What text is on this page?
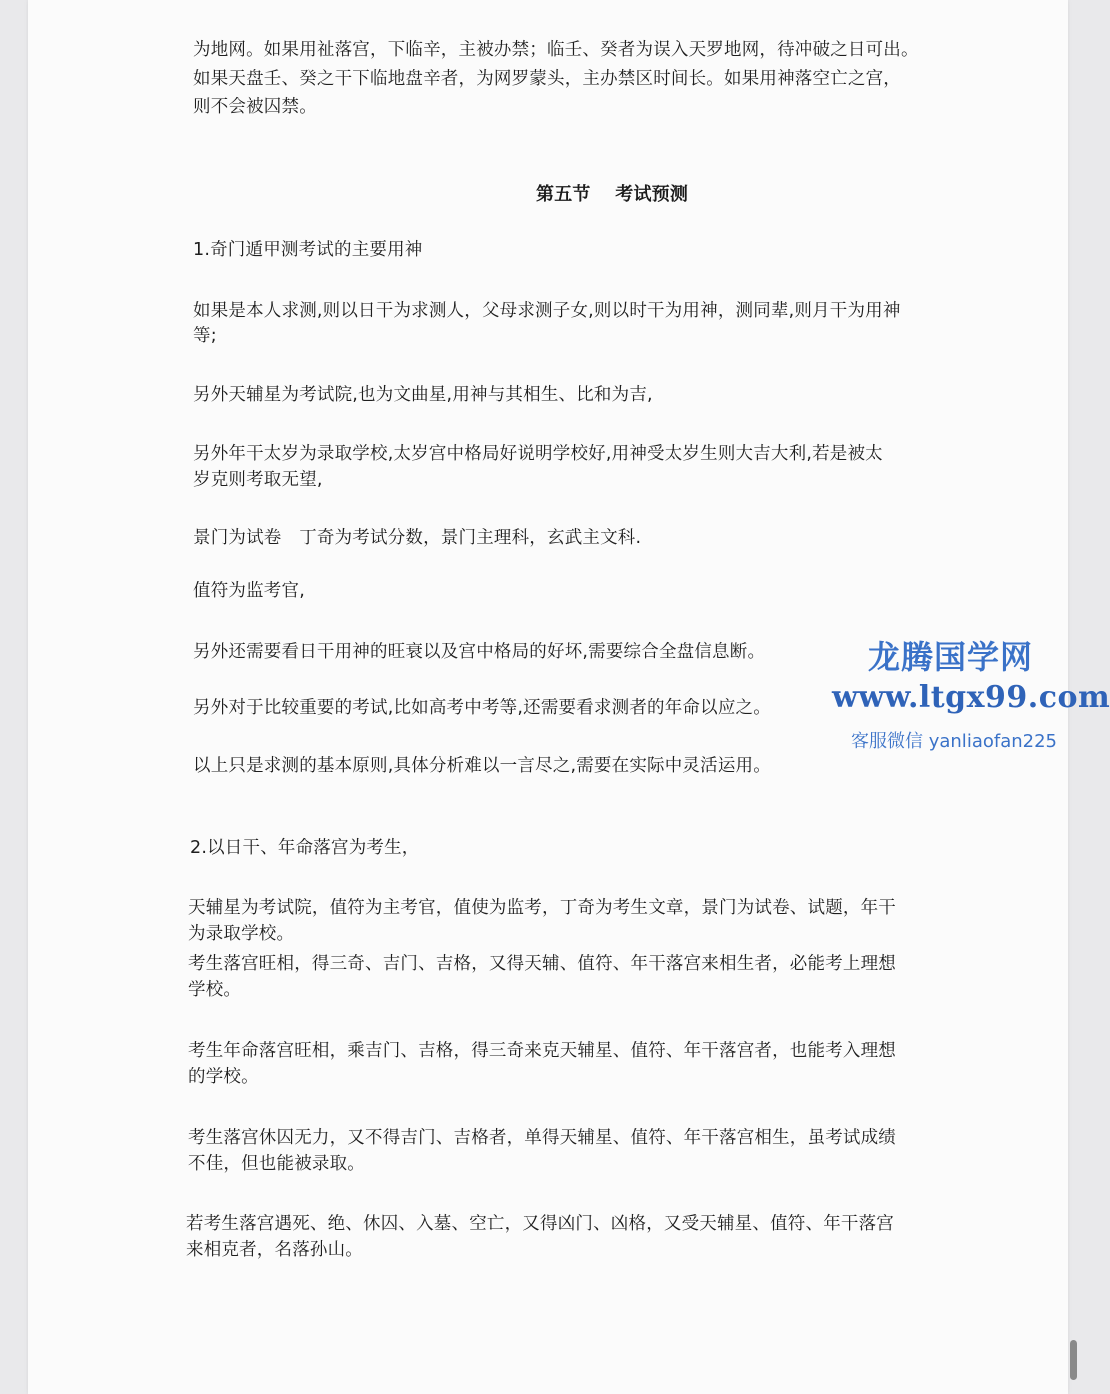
为地网。如果用祉落宫，下临辛，主被办禁；临壬、癸者为误入天罗地网，待冲破之日可出。

如果天盘壬、癸之干下临地盘辛者，为网罗蒙头，主办禁区时间长。如果用神落空亡之宫，

则不会被囚禁。

第五节　 考试预测

1.奇门遁甲测考试的主要用神

如果是本人求测,则以日干为求测人，父母求测子女,则以时干为用神，测同辈,则月干为用神

等;

另外天辅星为考试院,也为文曲星,用神与其相生、比和为吉,

另外年干太岁为录取学校,太岁宫中格局好说明学校好,用神受太岁生则大吉大利,若是被太

岁克则考取无望,

景门为试卷　丁奇为考试分数，景门主理科，玄武主文科.

值符为监考官,

另外还需要看日干用神的旺衰以及宫中格局的好坏,需要综合全盘信息断。

另外对于比较重要的考试,比如高考中考等,还需要看求测者的年命以应之。

以上只是求测的基本原则,具体分析难以一言尽之,需要在实际中灵活运用。

2.以日干、年命落宫为考生，

天辅星为考试院，值符为主考官，值使为监考，丁奇为考生文章，景门为试卷、试题，年干

为录取学校。

考生落宫旺相，得三奇、吉门、吉格，又得天辅、值符、年干落宫来相生者，必能考上理想

学校。

考生年命落宫旺相，乘吉门、吉格，得三奇来克天辅星、值符、年干落宫者，也能考入理想

的学校。

考生落宫休囚无力，又不得吉门、吉格者，单得天辅星、值符、年干落宫相生，虽考试成绩

不佳，但也能被录取。

若考生落宫遇死、绝、休囚、入墓、空亡，又得凶门、凶格，又受天辅星、值符、年干落宫

来相克者，名落孙山。

龙腾国学网
www.ltgx99.com
客服微信 yanliaofan225
